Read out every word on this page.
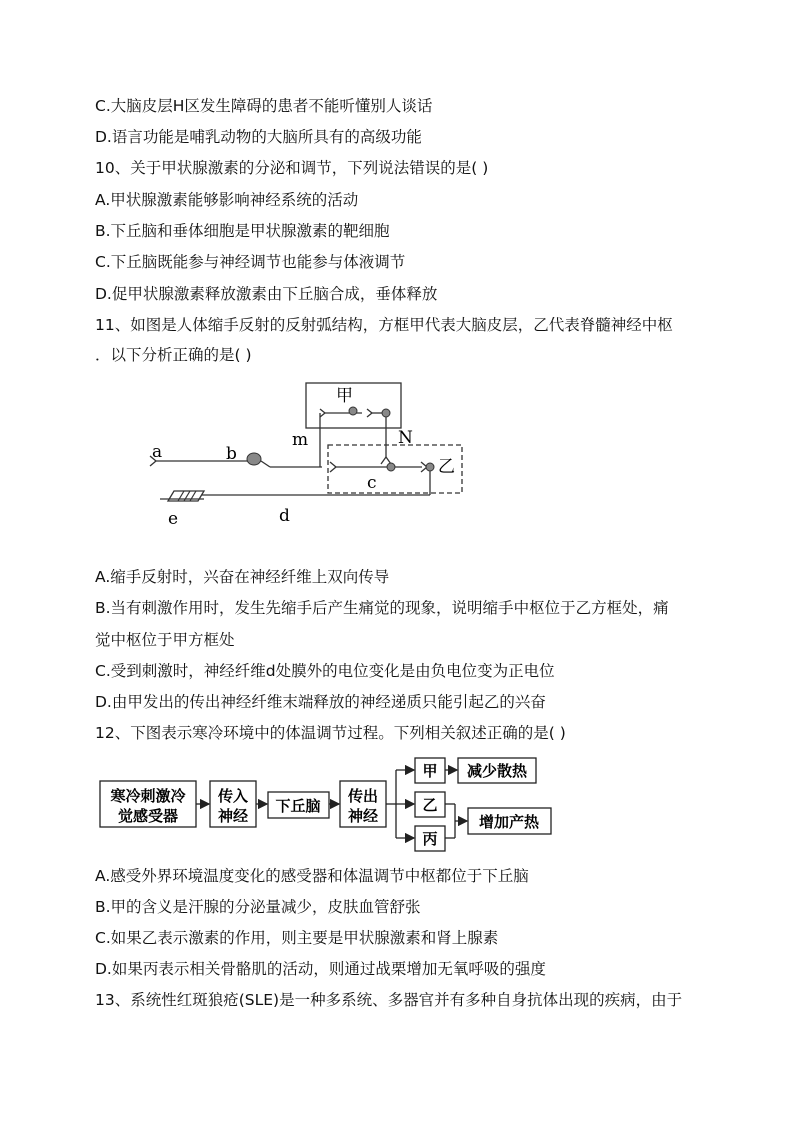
C.大脑皮层H区发生障碍的患者不能听懂别人谈话
D.语言功能是哺乳动物的大脑所具有的高级功能
10、关于甲状腺激素的分泌和调节，下列说法错误的是( )
A.甲状腺激素能够影响神经系统的活动
B.下丘脑和垂体细胞是甲状腺激素的靶细胞
C.下丘脑既能参与神经调节也能参与体液调节
D.促甲状腺激素释放激素由下丘脑合成，垂体释放
11、如图是人体缩手反射的反射弧结构，方框甲代表大脑皮层，乙代表脊髓神经中枢
．以下分析正确的是( )
甲
m	N
乙
a	b
c
d
e
A.缩手反射时，兴奋在神经纤维上双向传导
B.当有刺激作用时，发生先缩手后产生痛觉的现象，说明缩手中枢位于乙方框处，痛
觉中枢位于甲方框处
C.受到刺激时，神经纤维d处膜外的电位变化是由负电位变为正电位
D.由甲发出的传出神经纤维末端释放的神经递质只能引起乙的兴奋
12、下图表示寒冷环境中的体温调节过程。下列相关叙述正确的是( )
寒冷刺激冷
觉感受器
传入
神经
下丘脑
传出
神经
甲
乙
丙
减少散热
增加产热
A.感受外界环境温度变化的感受器和体温调节中枢都位于下丘脑
B.甲的含义是汗腺的分泌量减少，皮肤血管舒张
C.如果乙表示激素的作用，则主要是甲状腺激素和肾上腺素
D.如果丙表示相关骨骼肌的活动，则通过战栗增加无氧呼吸的强度
13、系统性红斑狼疮(SLE)是一种多系统、多器官并有多种自身抗体出现的疾病，由于
